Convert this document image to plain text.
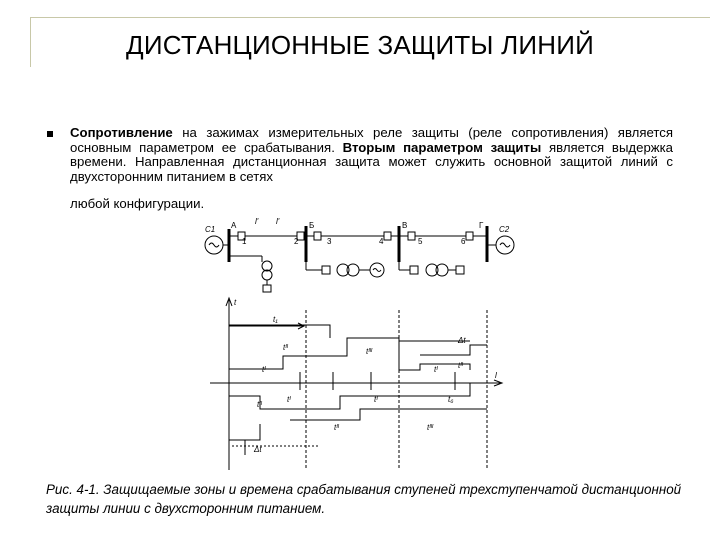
ДИСТАНЦИОННЫЕ ЗАЩИТЫ ЛИНИЙ
Сопротивление на зажимах измерительных реле защиты (реле сопротивления) является основным параметром ее срабатывания. Вторым параметром защиты является выдержка времени. Направленная дистанционная защита может служить основной защитой линий с двухсторонним питанием в сетях
любой конфигурации.
С1	С2
А	Б	В	Г
1	2	3	4	5	6
l' l'
t
l
Δt
Δt
t₁
tᴵᴵ	tᴵᴵᴵ
tᴵ	tᴵ	tᴵᴵ
tᴵᴵ
tᴵ	tᴵ
tᴵᴵ	tᴵᴵᴵ
t₆
Рис. 4-1. Защищаемые зоны и времена срабатывания ступеней трехступенчатой дистанционной защиты линии с двухсторонним питанием.
